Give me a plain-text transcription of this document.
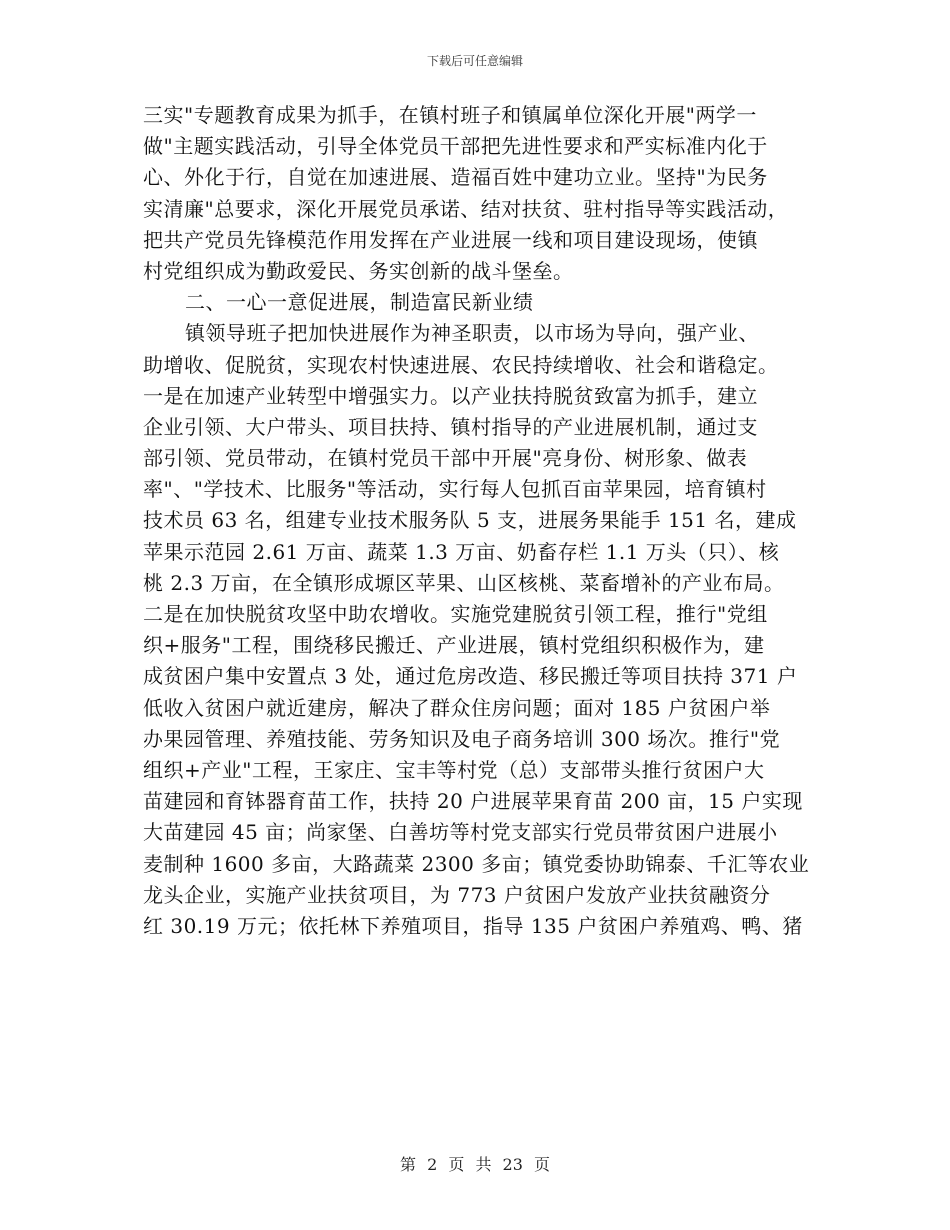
下载后可任意编辑
三实"专题教育成果为抓手，在镇村班子和镇属单位深化开展"两学一
做"主题实践活动，引导全体党员干部把先进性要求和严实标准内化于
心、外化于行，自觉在加速进展、造福百姓中建功立业。坚持"为民务
实清廉"总要求，深化开展党员承诺、结对扶贫、驻村指导等实践活动，
把共产党员先锋模范作用发挥在产业进展一线和项目建设现场，使镇
村党组织成为勤政爱民、务实创新的战斗堡垒。
二、一心一意促进展，制造富民新业绩
镇领导班子把加快进展作为神圣职责，以市场为导向，强产业、
助增收、促脱贫，实现农村快速进展、农民持续增收、社会和谐稳定。
一是在加速产业转型中增强实力。以产业扶持脱贫致富为抓手，建立
企业引领、大户带头、项目扶持、镇村指导的产业进展机制，通过支
部引领、党员带动，在镇村党员干部中开展"亮身份、树形象、做表
率"、"学技术、比服务"等活动，实行每人包抓百亩苹果园，培育镇村
技术员 63 名，组建专业技术服务队 5 支，进展务果能手 151 名，建成
苹果示范园 2.61 万亩、蔬菜 1.3 万亩、奶畜存栏 1.1 万头（只）、核
桃 2.3 万亩，在全镇形成塬区苹果、山区核桃、菜畜增补的产业布局。
二是在加快脱贫攻坚中助农增收。实施党建脱贫引领工程，推行"党组
织+服务"工程，围绕移民搬迁、产业进展，镇村党组织积极作为，建
成贫困户集中安置点 3 处，通过危房改造、移民搬迁等项目扶持 371 户
低收入贫困户就近建房，解决了群众住房问题；面对 185 户贫困户举
办果园管理、养殖技能、劳务知识及电子商务培训 300 场次。推行"党
组织+产业"工程，王家庄、宝丰等村党（总）支部带头推行贫困户大
苗建园和育钵器育苗工作，扶持 20 户进展苹果育苗 200 亩，15 户实现
大苗建园 45 亩；尚家堡、白善坊等村党支部实行党员带贫困户进展小
麦制种 1600 多亩，大路蔬菜 2300 多亩；镇党委协助锦泰、千汇等农业
龙头企业，实施产业扶贫项目，为 773 户贫困户发放产业扶贫融资分
红 30.19 万元；依托林下养殖项目，指导 135 户贫困户养殖鸡、鸭、猪
第 2 页 共 23 页
